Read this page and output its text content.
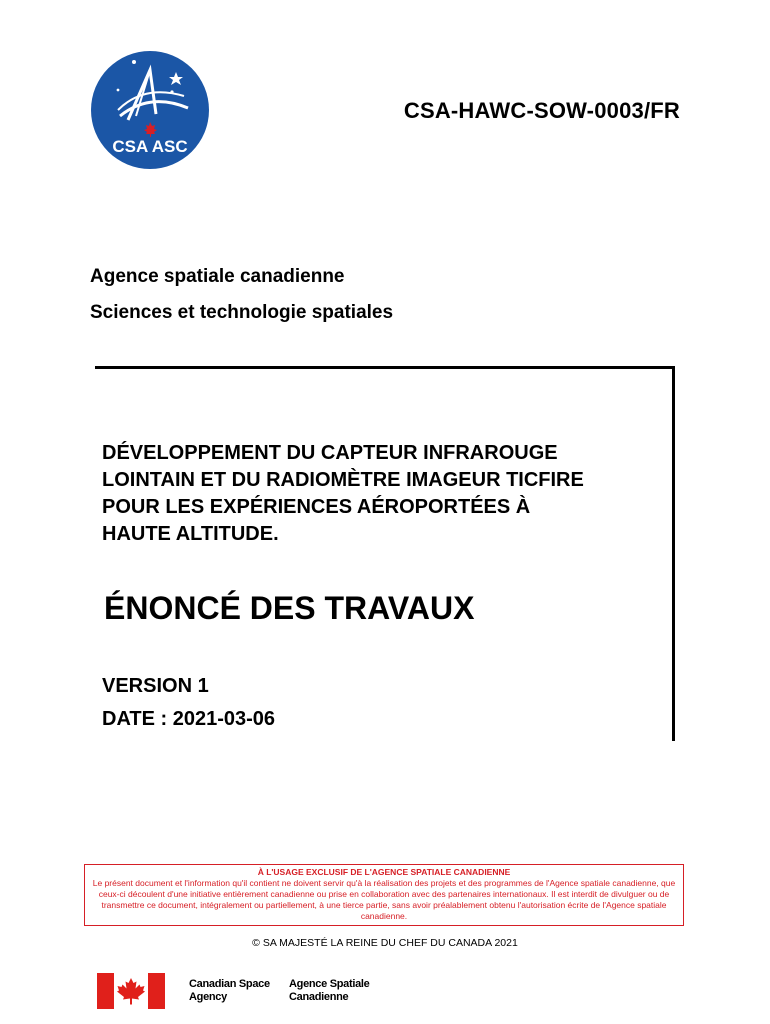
CSA ASC
CSA-HAWC-SOW-0003/FR
Agence spatiale canadienne
Sciences et technologie spatiales
DÉVELOPPEMENT DU CAPTEUR INFRAROUGE
LOINTAIN ET DU RADIOMÈTRE IMAGEUR TICFIRE
POUR LES EXPÉRIENCES AÉROPORTÉES À
HAUTE ALTITUDE.
ÉNONCÉ DES TRAVAUX
VERSION 1
DATE : 2021-03-06
À L'USAGE EXCLUSIF DE L'AGENCE SPATIALE CANADIENNE
Le présent document et l'information qu'il contient ne doivent servir qu'à la réalisation des projets et des programmes de l'Agence spatiale canadienne, que ceux-ci découlent d'une initiative entièrement canadienne ou prise en collaboration avec des partenaires internationaux. Il est interdit de divulguer ou de transmettre ce document, intégralement ou partiellement, à une tierce partie, sans avoir préalablement obtenu l'autorisation écrite de l'Agence spatiale canadienne.
© SA MAJESTÉ LA REINE DU CHEF DU CANADA 2021
Canadian Space
Agency
Agence Spatiale
Canadienne
